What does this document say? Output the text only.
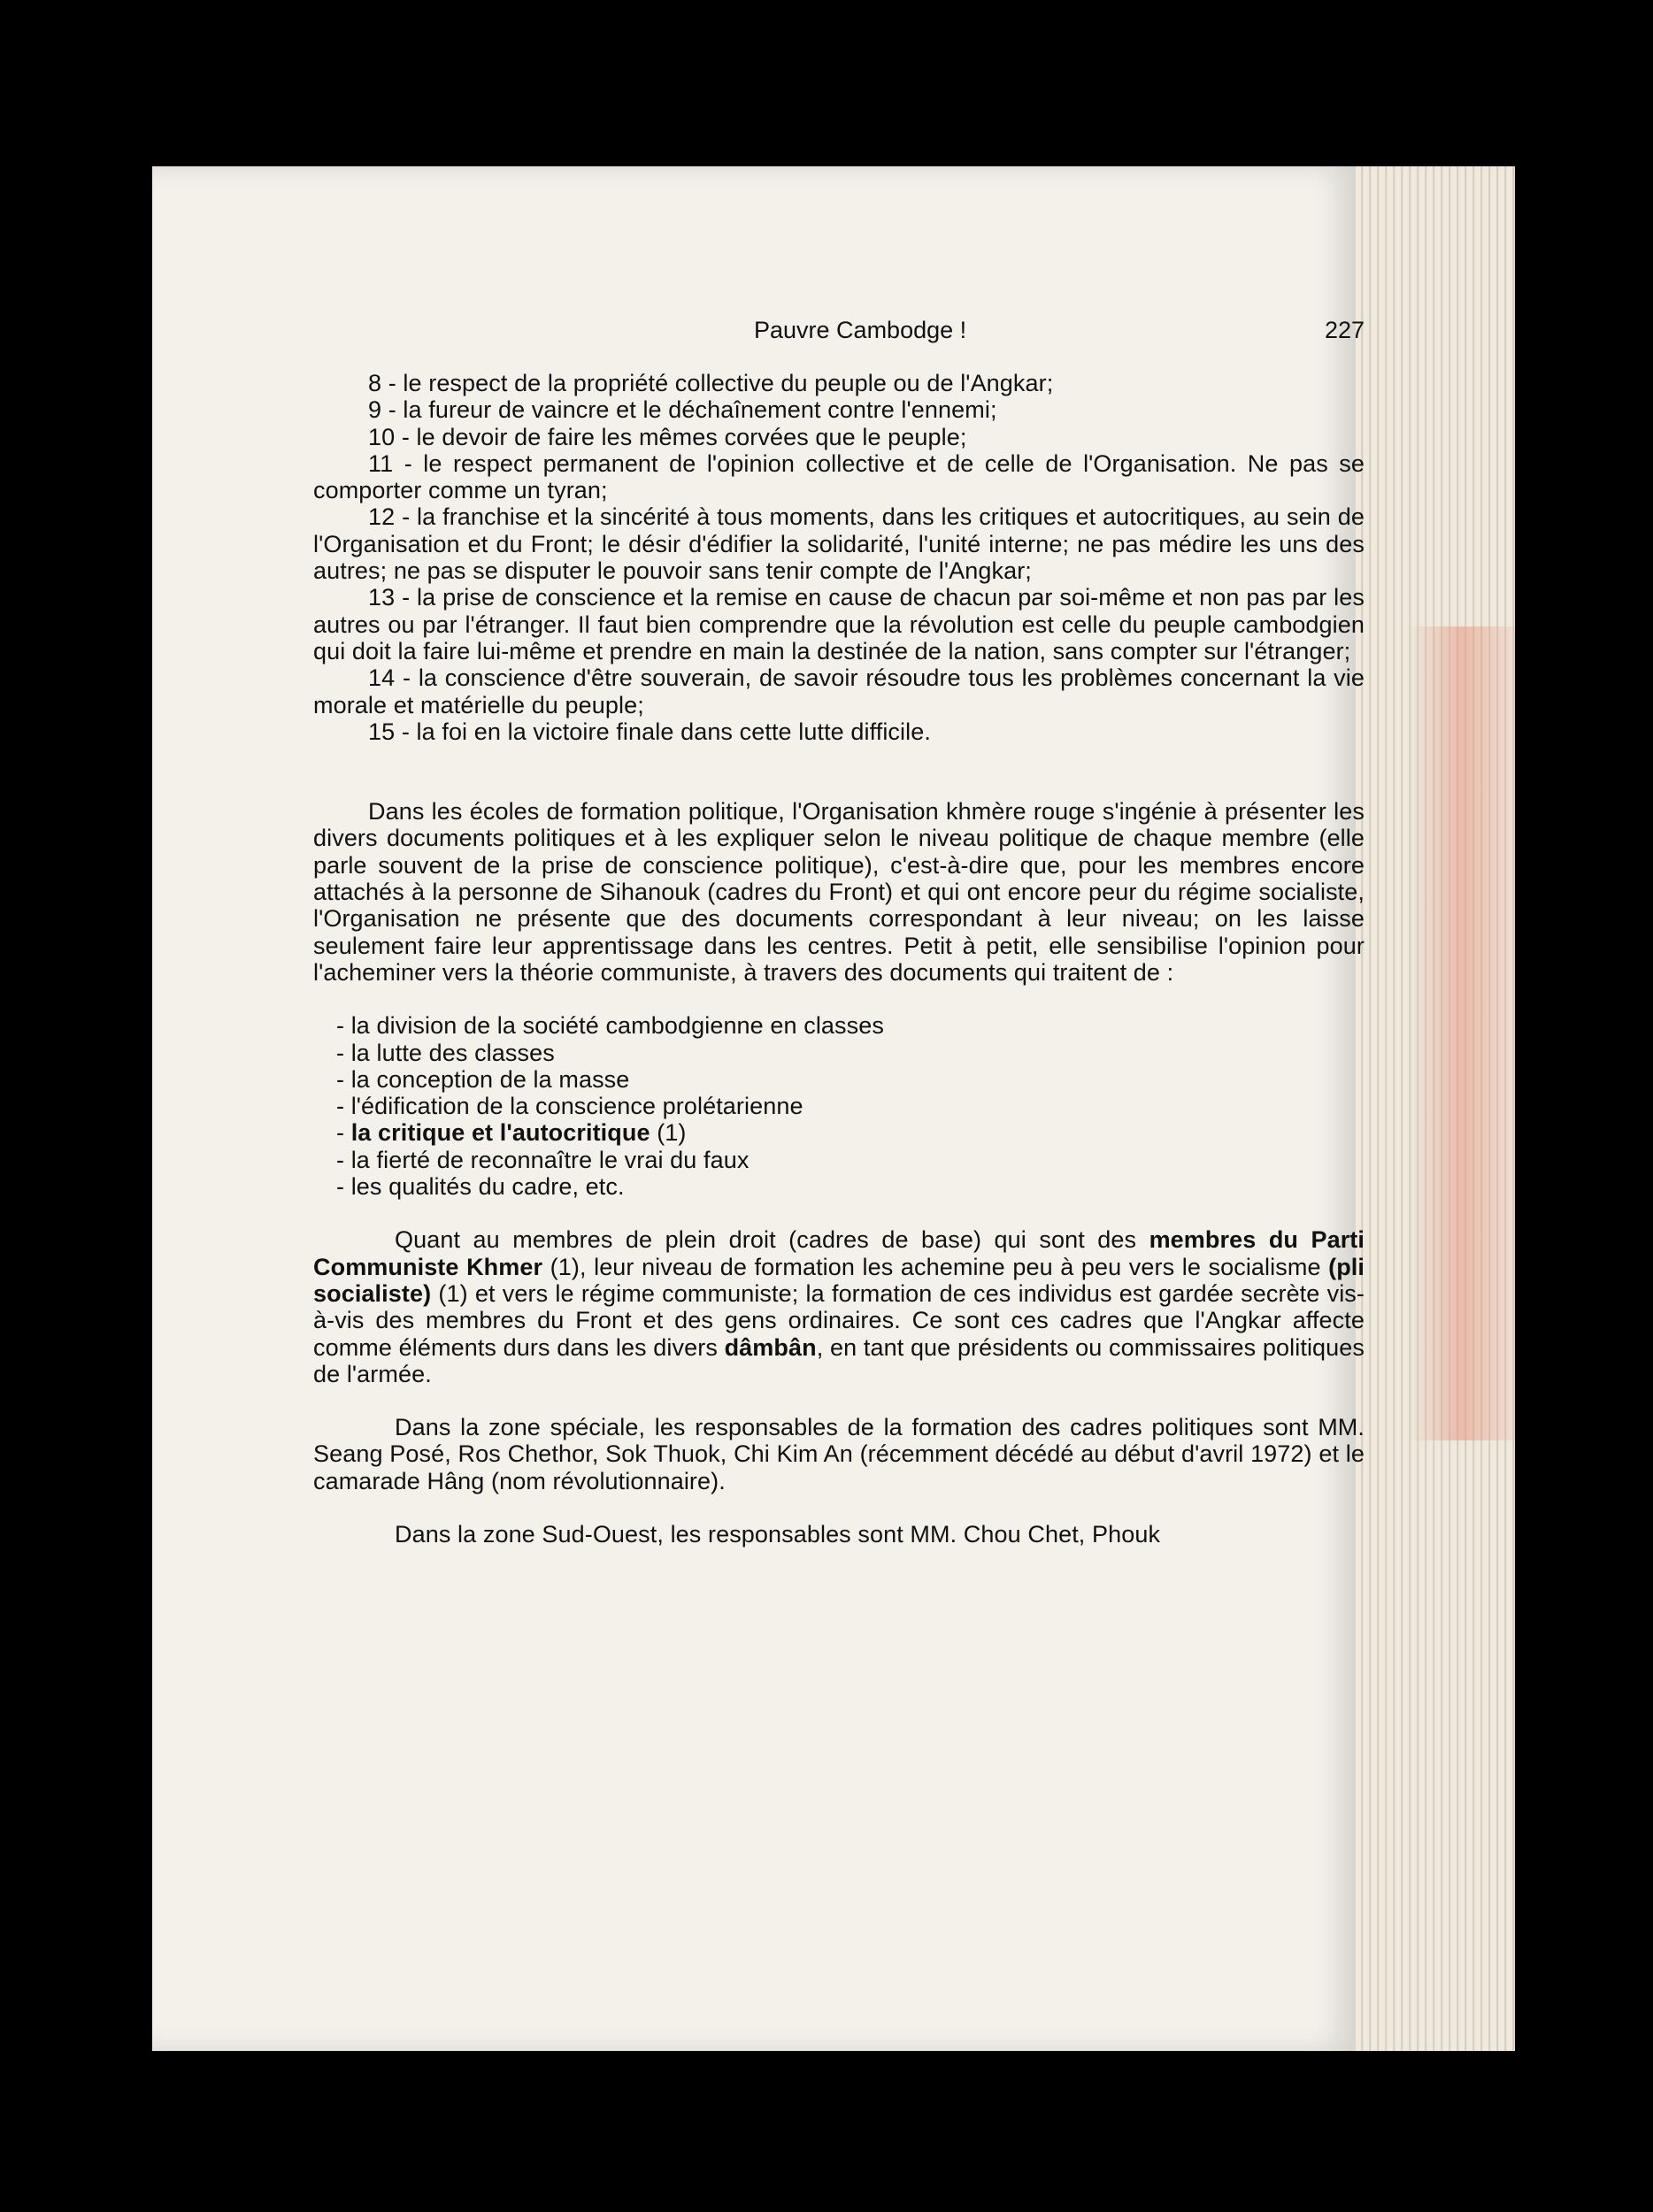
Pauvre Cambodge !	227

8 - le respect de la propriété collective du peuple ou de l'Angkar;

9 - la fureur de vaincre et le déchaînement contre l'ennemi;

10 - le devoir de faire les mêmes corvées que le peuple;

11 - le respect permanent de l'opinion collective et de celle de l'Organisation. Ne pas se comporter comme un tyran;

12 - la franchise et la sincérité à tous moments, dans les critiques et autocritiques, au sein de l'Organisation et du Front; le désir d'édifier la solidarité, l'unité interne; ne pas médire les uns des autres; ne pas se disputer le pouvoir sans tenir compte de l'Angkar;

13 - la prise de conscience et la remise en cause de chacun par soi-même et non pas par les autres ou par l'étranger. Il faut bien comprendre que la révolution est celle du peuple cambodgien qui doit la faire lui-même et prendre en main la destinée de la nation, sans compter sur l'étranger;

14 - la conscience d'être souverain, de savoir résoudre tous les problèmes concernant la vie morale et matérielle du peuple;

15 - la foi en la victoire finale dans cette lutte difficile.

Dans les écoles de formation politique, l'Organisation khmère rouge s'ingénie à présenter les divers documents politiques et à les expliquer selon le niveau politique de chaque membre (elle parle souvent de la prise de conscience politique), c'est-à-dire que, pour les membres encore attachés à la personne de Sihanouk (cadres du Front) et qui ont encore peur du régime socialiste, l'Organisation ne présente que des documents correspondant à leur niveau; on les laisse seulement faire leur apprentissage dans les centres. Petit à petit, elle sensibilise l'opinion pour l'acheminer vers la théorie communiste, à travers des documents qui traitent de :

- la division de la société cambodgienne en classes
- la lutte des classes
- la conception de la masse
- l'édification de la conscience prolétarienne
- la critique et l'autocritique (1)
- la fierté de reconnaître le vrai du faux
- les qualités du cadre, etc.

Quant au membres de plein droit (cadres de base) qui sont des membres du Parti Communiste Khmer (1), leur niveau de formation les achemine peu à peu vers le socialisme (pli socialiste) (1) et vers le régime communiste; la formation de ces individus est gardée secrète vis-à-vis des membres du Front et des gens ordinaires. Ce sont ces cadres que l'Angkar affecte comme éléments durs dans les divers dâmbân, en tant que présidents ou commissaires politiques de l'armée.

Dans la zone spéciale, les responsables de la formation des cadres politiques sont MM. Seang Posé, Ros Chethor, Sok Thuok, Chi Kim An (récemment décédé au début d'avril 1972) et le camarade Hâng (nom révolutionnaire).

Dans la zone Sud-Ouest, les responsables sont MM. Chou Chet, Phouk
